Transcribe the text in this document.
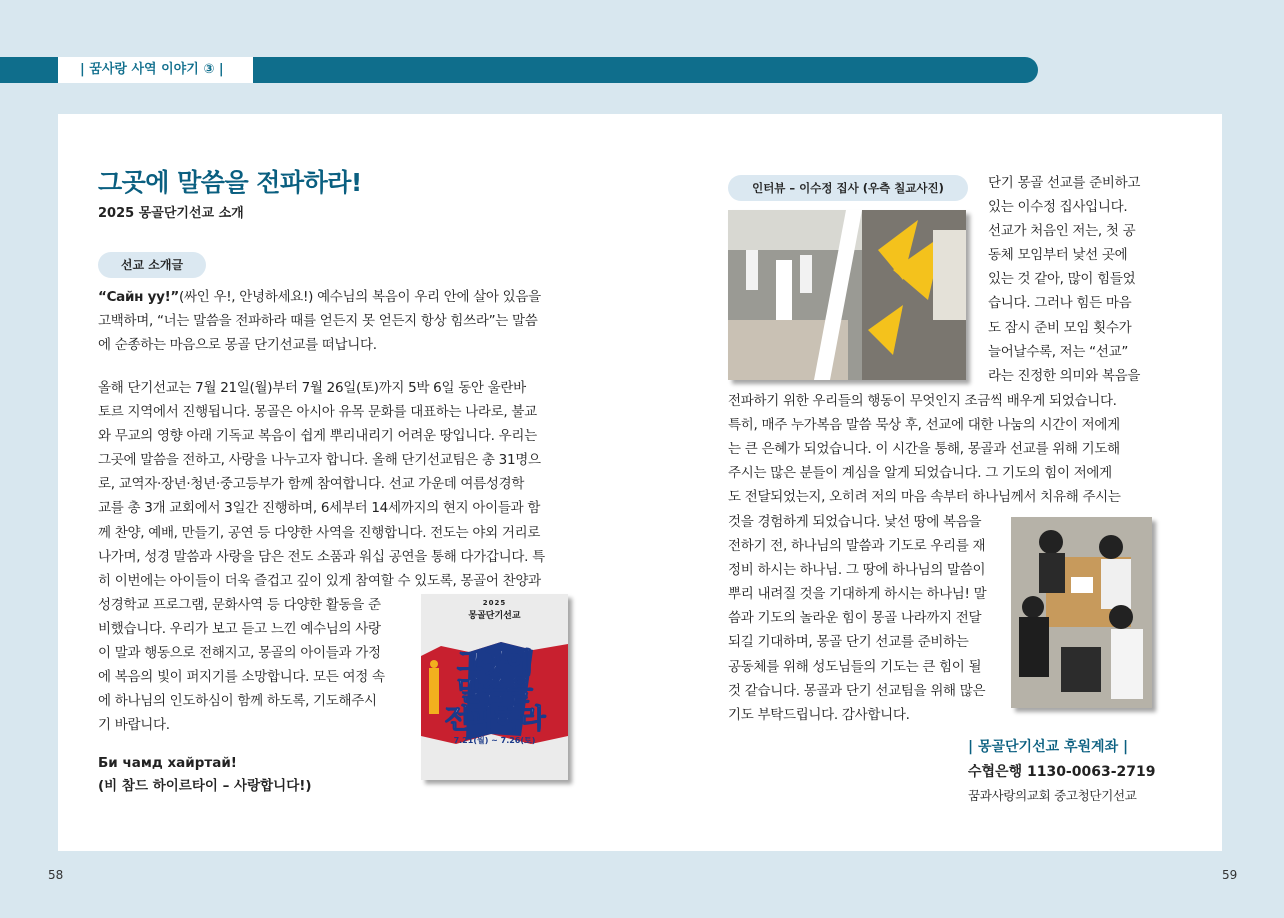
| 꿈사랑 사역 이야기 ③ |
58	59
그곳에 말씀을 전파하라!
2025 몽골단기선교 소개
선교 소개글
“Сайн уу!”(싸인 우!, 안녕하세요!) 예수님의 복음이 우리 안에 살아 있음을
고백하며, “너는 말씀을 전파하라 때를 얻든지 못 얻든지 항상 힘쓰라”는 말씀
에 순종하는 마음으로 몽골 단기선교를 떠납니다.
올해 단기선교는 7월 21일(월)부터 7월 26일(토)까지 5박 6일 동안 울란바
토르 지역에서 진행됩니다. 몽골은 아시아 유목 문화를 대표하는 나라로, 불교
와 무교의 영향 아래 기독교 복음이 쉽게 뿌리내리기 어려운 땅입니다. 우리는
그곳에 말씀을 전하고, 사랑을 나누고자 합니다. 올해 단기선교팀은 총 31명으
로, 교역자·장년·청년·중고등부가 함께 참여합니다. 선교 가운데 여름성경학
교를 총 3개 교회에서 3일간 진행하며, 6세부터 14세까지의 현지 아이들과 함
께 찬양, 예배, 만들기, 공연 등 다양한 사역을 진행합니다. 전도는 야외 거리로
나가며, 성경 말씀과 사랑을 담은 전도 소품과 워십 공연을 통해 다가갑니다. 특
히 이번에는 아이들이 더욱 즐겁고 깊이 있게 참여할 수 있도록, 몽골어 찬양과
성경학교 프로그램, 문화사역 등 다양한 활동을 준
비했습니다. 우리가 보고 듣고 느낀 예수님의 사랑
이 말과 행동으로 전해지고, 몽골의 아이들과 가정
에 복음의 빛이 퍼지기를 소망합니다. 모든 여정 속
에 하나님의 인도하심이 함께 하도록, 기도해주시
기 바랍니다.
Би чамд хайртай!
(비 참드 하이르타이 – 사랑합니다!)
2025
몽골단기선교
그곳에
말씀을
전파하라
7.21(월) ~ 7.26(토)
인터뷰 – 이수정 집사 (우측 칠교사진)	단기 몽골 선교를 준비하고
있는 이수정 집사입니다.
선교가 처음인 저는, 첫 공
동체 모임부터 낯선 곳에
있는 것 같아, 많이 힘들었
습니다. 그러나 힘든 마음
도 잠시 준비 모임 횟수가
늘어날수록, 저는 “선교”
라는 진정한 의미와 복음을
전파하기 위한 우리들의 행동이 무엇인지 조금씩 배우게 되었습니다.
특히, 매주 누가복음 말씀 묵상 후, 선교에 대한 나눔의 시간이 저에게
는 큰 은혜가 되었습니다. 이 시간을 통해, 몽골과 선교를 위해 기도해
주시는 많은 분들이 계심을 알게 되었습니다. 그 기도의 힘이 저에게
도 전달되었는지, 오히려 저의 마음 속부터 하나님께서 치유해 주시는
것을 경험하게 되었습니다. 낯선 땅에 복음을
전하기 전, 하나님의 말씀과 기도로 우리를 재
정비 하시는 하나님. 그 땅에 하나님의 말씀이
뿌리 내려질 것을 기대하게 하시는 하나님! 말
씀과 기도의 놀라운 힘이 몽골 나라까지 전달
되길 기대하며, 몽골 단기 선교를 준비하는
공동체를 위해 성도님들의 기도는 큰 힘이 될
것 같습니다. 몽골과 단기 선교팀을 위해 많은
기도 부탁드립니다. 감사합니다.
| 몽골단기선교 후원계좌 |
수협은행 1130-0063-2719
꿈과사랑의교회 중고청단기선교
